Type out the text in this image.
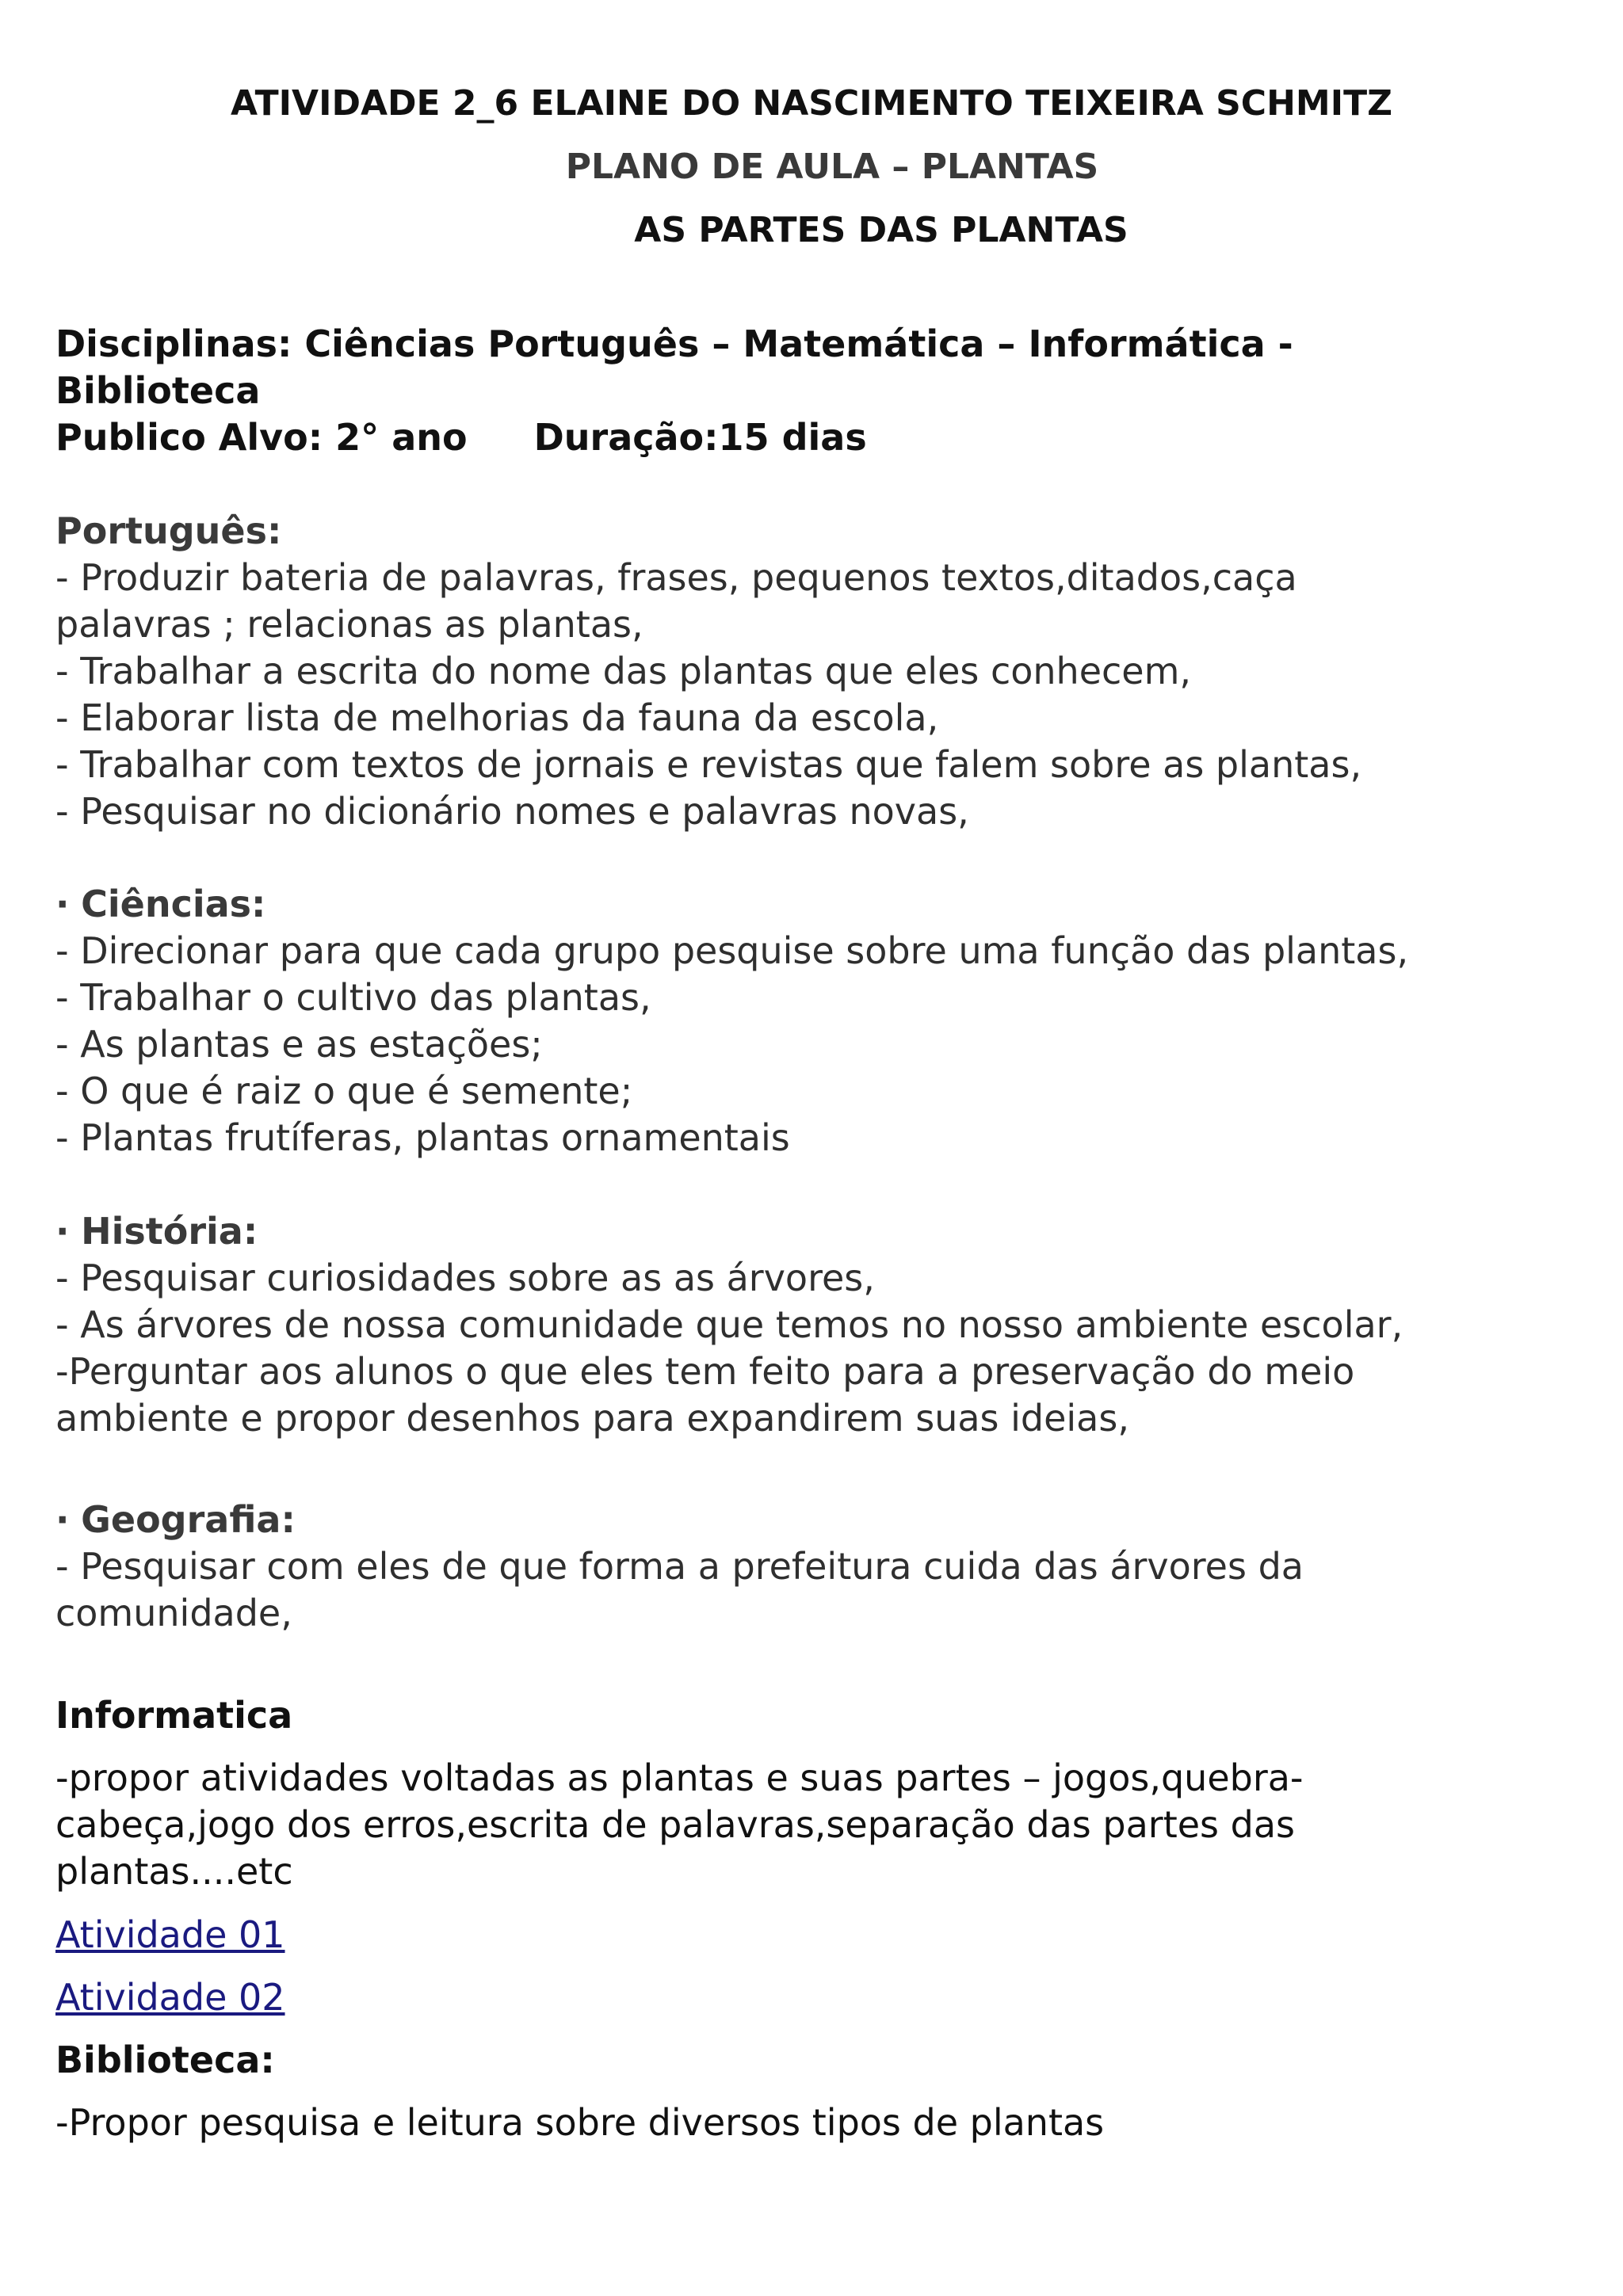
ATIVIDADE 2_6 ELAINE DO NASCIMENTO TEIXEIRA SCHMITZ
PLANO DE AULA – PLANTAS
AS PARTES DAS PLANTAS
Disciplinas: Ciências Português – Matemática – Informática -
Biblioteca
Publico Alvo: 2° ano Duração:15 dias
Português:
- Produzir bateria de palavras, frases, pequenos textos,ditados,caça
palavras ; relacionas as plantas,
- Trabalhar a escrita do nome das plantas que eles conhecem,
- Elaborar lista de melhorias da fauna da escola,
- Trabalhar com textos de jornais e revistas que falem sobre as plantas,
- Pesquisar no dicionário nomes e palavras novas,
· Ciências:
- Direcionar para que cada grupo pesquise sobre uma função das plantas,
- Trabalhar o cultivo das plantas,
- As plantas e as estações;
- O que é raiz o que é semente;
- Plantas frutíferas, plantas ornamentais
· História:
- Pesquisar curiosidades sobre as as árvores,
- As árvores de nossa comunidade que temos no nosso ambiente escolar,
-Perguntar aos alunos o que eles tem feito para a preservação do meio
ambiente e propor desenhos para expandirem suas ideias,
· Geografia:
- Pesquisar com eles de que forma a prefeitura cuida das árvores da
comunidade,
Informatica
-propor atividades voltadas as plantas e suas partes – jogos,quebra-
cabeça,jogo dos erros,escrita de palavras,separação das partes das
plantas....etc
Atividade 01
Atividade 02
Biblioteca:
-Propor pesquisa e leitura sobre diversos tipos de plantas
